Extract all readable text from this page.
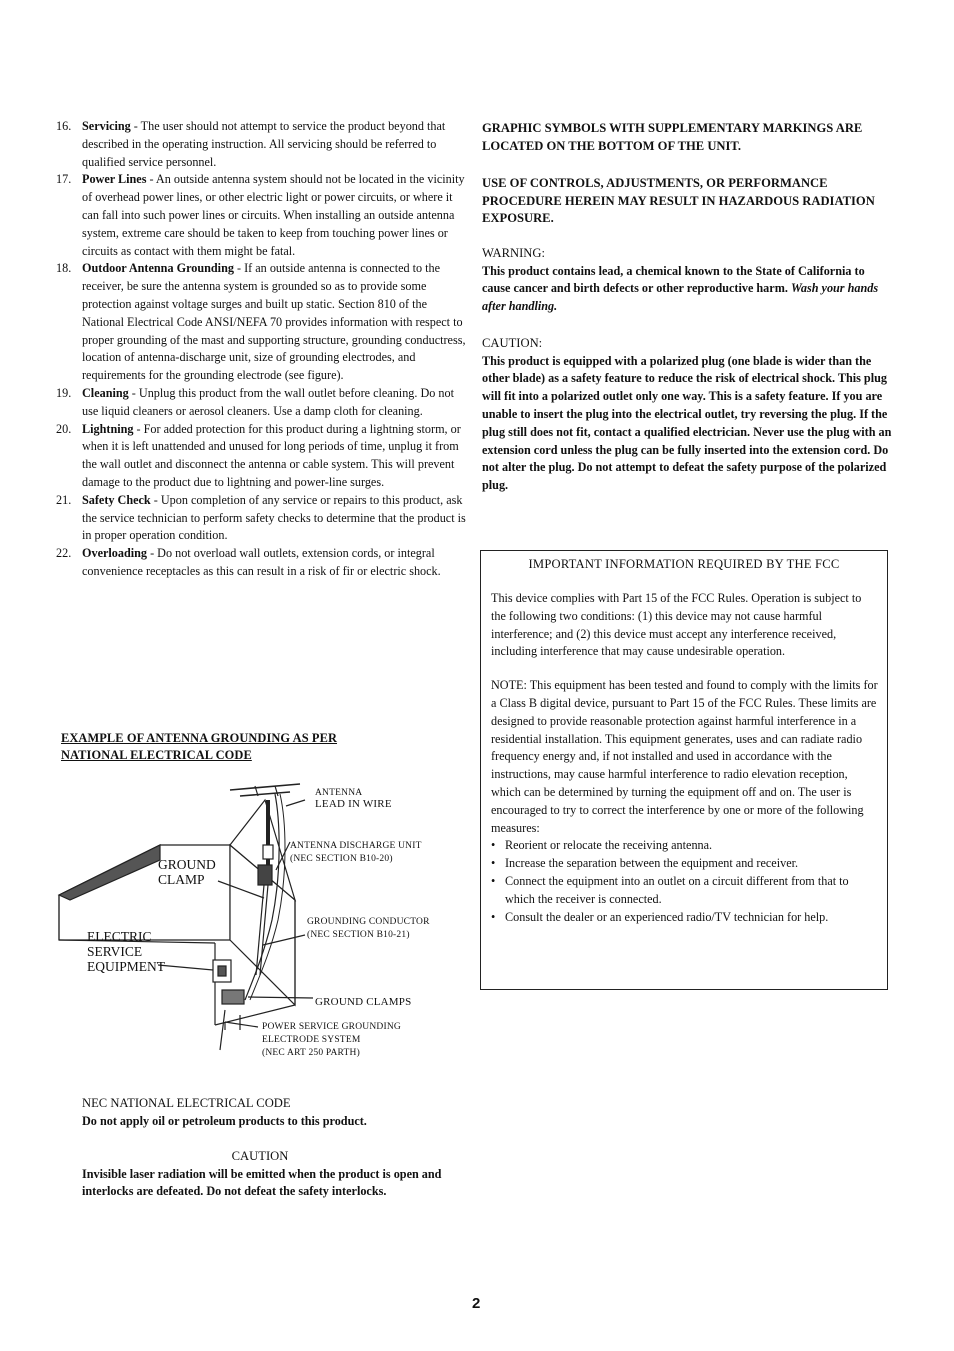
16. Servicing - The user should not attempt to service the product beyond that described in the operating instruction. All servicing should be referred to qualified service personnel.
17. Power Lines - An outside antenna system should not be located in the vicinity of overhead power lines, or other electric light or power circuits, or where it can fall into such power lines or circuits. When installing an outside antenna system, extreme care should be taken to keep from touching power lines or circuits as contact with them might be fatal.
18. Outdoor Antenna Grounding - If an outside antenna is connected to the receiver, be sure the antenna system is grounded so as to provide some protection against voltage surges and built up static. Section 810 of the National Electrical Code ANSI/NEFA 70 provides information with respect to proper grounding of the mast and supporting structure, grounding conductress, location of antenna-discharge unit, size of grounding electrodes, and requirements for the grounding electrode (see figure).
19. Cleaning - Unplug this product from the wall outlet before cleaning. Do not use liquid cleaners or aerosol cleaners. Use a damp cloth for cleaning.
20. Lightning - For added protection for this product during a lightning storm, or when it is left unattended and unused for long periods of time, unplug it from the wall outlet and disconnect the antenna or cable system. This will prevent damage to the product due to lightning and power-line surges.
21. Safety Check - Upon completion of any service or repairs to this product, ask the service technician to perform safety checks to determine that the product is in proper operation condition.
22. Overloading - Do not overload wall outlets, extension cords, or integral convenience receptacles as this can result in a risk of fir or electric shock.
EXAMPLE OF ANTENNA GROUNDING AS PER
NATIONAL ELECTRICAL CODE
ANTENNA
LEAD IN WIRE
ANTENNA DISCHARGE UNIT
(NEC SECTION B10-20)
GROUND
CLAMP
ELECTRIC
SERVICE
EQUIPMENT
GROUNDING CONDUCTOR
(NEC SECTION B10-21)
GROUND CLAMPS
POWER SERVICE GROUNDING
ELECTRODE SYSTEM
(NEC ART 250 PARTH)
NEC NATIONAL ELECTRICAL CODE
Do not apply oil or petroleum products to this product.
CAUTION
Invisible laser radiation will be emitted when the product is open and interlocks are defeated. Do not defeat the safety interlocks.
GRAPHIC SYMBOLS WITH SUPPLEMENTARY MARKINGS ARE LOCATED ON THE BOTTOM OF THE UNIT.
USE OF CONTROLS, ADJUSTMENTS, OR PERFORMANCE PROCEDURE HEREIN MAY RESULT IN HAZARDOUS RADIATION EXPOSURE.
WARNING:
This product contains lead, a chemical known to the State of California to cause cancer and birth defects or other reproductive harm. Wash your hands after handling.
CAUTION:
This product is equipped with a polarized plug (one blade is wider than the other blade) as a safety feature to reduce the risk of electrical shock. This plug will fit into a polarized outlet only one way. This is a safety feature. If you are unable to insert the plug into the electrical outlet, try reversing the plug. If the plug still does not fit, contact a qualified electrician. Never use the plug with an extension cord unless the plug can be fully inserted into the extension cord. Do not alter the plug. Do not attempt to defeat the safety purpose of the polarized plug.
IMPORTANT INFORMATION REQUIRED BY THE FCC
This device complies with Part 15 of the FCC Rules. Operation is subject to the following two conditions: (1) this device may not cause harmful interference; and (2) this device must accept any interference received, including interference that may cause undesirable operation.
NOTE: This equipment has been tested and found to comply with the limits for a Class B digital device, pursuant to Part 15 of the FCC Rules. These limits are designed to provide reasonable protection against harmful interference in a residential installation. This equipment generates, uses and can radiate radio frequency energy and, if not installed and used in accordance with the instructions, may cause harmful interference to radio elevation reception, which can be determined by turning the equipment off and on. The user is encouraged to try to correct the interference by one or more of the following measures:
• Reorient or relocate the receiving antenna.
• Increase the separation between the equipment and receiver.
• Connect the equipment into an outlet on a circuit different from that to which the receiver is connected.
• Consult the dealer or an experienced radio/TV technician for help.
2
